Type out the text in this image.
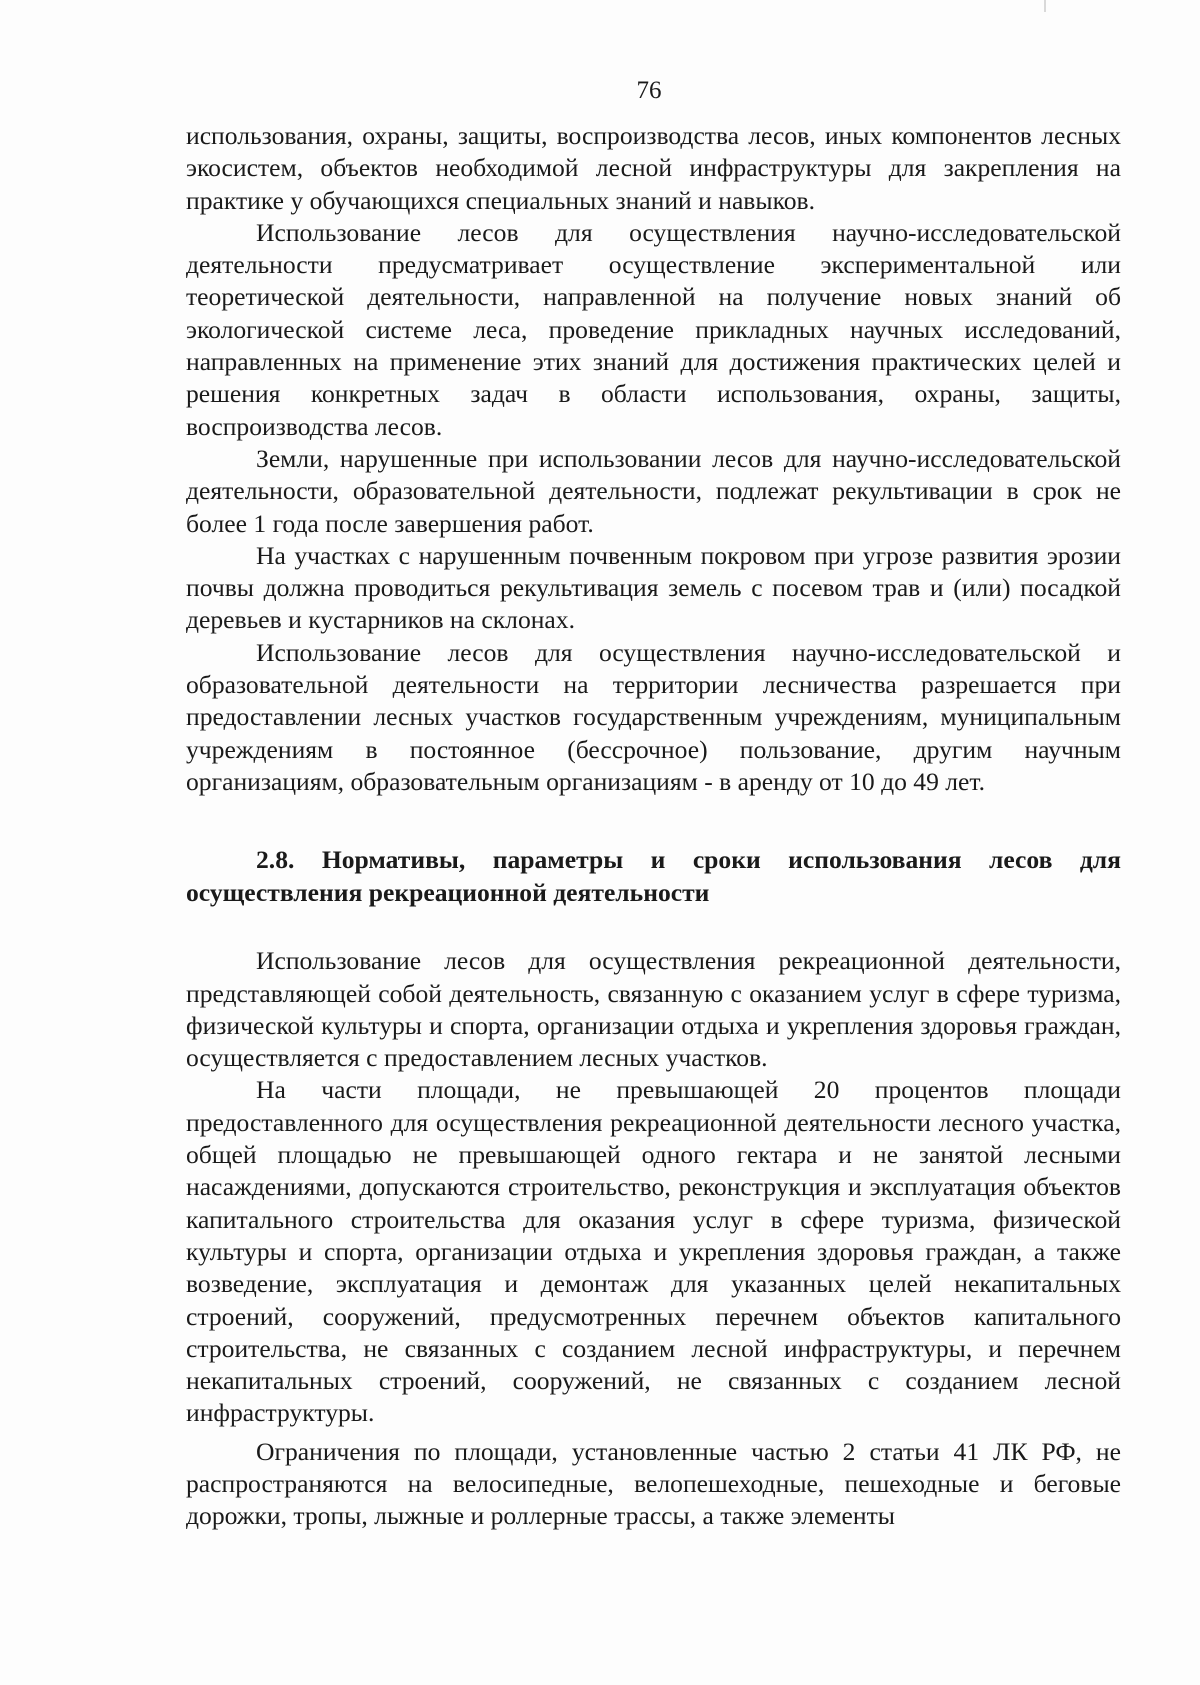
76

использования, охраны, защиты, воспроизводства лесов, иных компонентов лесных экосистем, объектов необходимой лесной инфраструктуры для закрепления на практике у обучающихся специальных знаний и навыков.

Использование лесов для осуществления научно-исследовательской деятельности предусматривает осуществление экспериментальной или теоретической деятельности, направленной на получение новых знаний об экологической системе леса, проведение прикладных научных исследований, направленных на применение этих знаний для достижения практических целей и решения конкретных задач в области использования, охраны, защиты, воспроизводства лесов.

Земли, нарушенные при использовании лесов для научно-исследовательской деятельности, образовательной деятельности, подлежат рекультивации в срок не более 1 года после завершения работ.

На участках с нарушенным почвенным покровом при угрозе развития эрозии почвы должна проводиться рекультивация земель с посевом трав и (или) посадкой деревьев и кустарников на склонах.

Использование лесов для осуществления научно-исследовательской и образовательной деятельности на территории лесничества разрешается при предоставлении лесных участков государственным учреждениям, муниципальным учреждениям в постоянное (бессрочное) пользование, другим научным организациям, образовательным организациям - в аренду от 10 до 49 лет.

2.8. Нормативы, параметры и сроки использования лесов для осуществления рекреационной деятельности

Использование лесов для осуществления рекреационной деятельности, представляющей собой деятельность, связанную с оказанием услуг в сфере туризма, физической культуры и спорта, организации отдыха и укрепления здоровья граждан, осуществляется с предоставлением лесных участков.

На части площади, не превышающей 20 процентов площади предоставленного для осуществления рекреационной деятельности лесного участка, общей площадью не превышающей одного гектара и не занятой лесными насаждениями, допускаются строительство, реконструкция и эксплуатация объектов капитального строительства для оказания услуг в сфере туризма, физической культуры и спорта, организации отдыха и укрепления здоровья граждан, а также возведение, эксплуатация и демонтаж для указанных целей некапитальных строений, сооружений, предусмотренных перечнем объектов капитального строительства, не связанных с созданием лесной инфраструктуры, и перечнем некапитальных строений, сооружений, не связанных с созданием лесной инфраструктуры.

Ограничения по площади, установленные частью 2 статьи 41 ЛК РФ, не распространяются на велосипедные, велопешеходные, пешеходные и беговые дорожки, тропы, лыжные и роллерные трассы, а также элементы
